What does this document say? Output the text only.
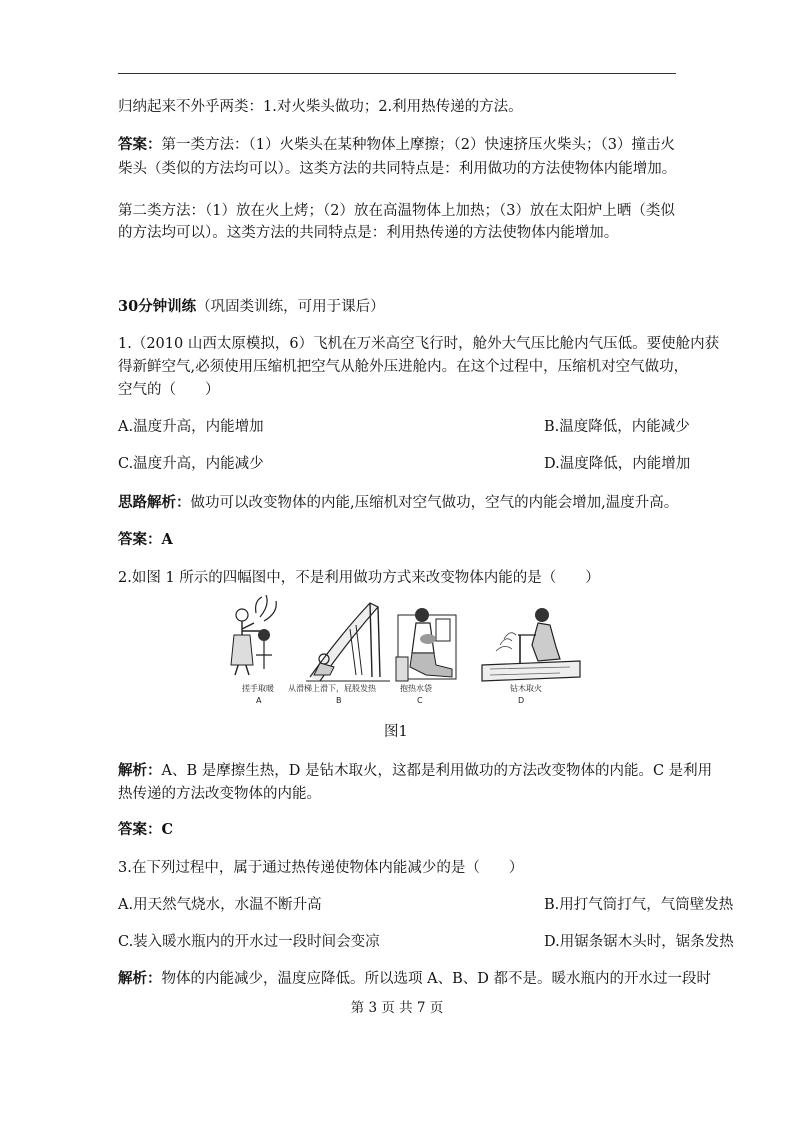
归纳起来不外乎两类：1.对火柴头做功；2.利用热传递的方法。
答案：第一类方法：（1）火柴头在某种物体上摩擦；（2）快速挤压火柴头；（3）撞击火
柴头（类似的方法均可以）。这类方法的共同特点是：利用做功的方法使物体内能增加。
第二类方法：（1）放在火上烤；（2）放在高温物体上加热；（3）放在太阳炉上晒（类似
的方法均可以）。这类方法的共同特点是：利用热传递的方法使物体内能增加。
30分钟训练（巩固类训练，可用于课后）
1.（2010 山西太原模拟，6）飞机在万米高空飞行时，舱外大气压比舱内气压低。要使舱内获
得新鲜空气,必须使用压缩机把空气从舱外压进舱内。在这个过程中，压缩机对空气做功，
空气的（　　）
A.温度升高，内能增加	B.温度降低，内能减少
C.温度升高，内能减少	D.温度降低，内能增加
思路解析：做功可以改变物体的内能,压缩机对空气做功，空气的内能会增加,温度升高。
答案：A
2.如图 1 所示的四幅图中，不是利用做功方式来改变物体内能的是（　　）
搓手取暖
A
从滑梯上滑下，屁股发热
B
抱热水袋
C
钻木取火
D
图1
解析：A、B 是摩擦生热，D 是钻木取火，这都是利用做功的方法改变物体的内能。C 是利用
热传递的方法改变物体的内能。
答案：C
3.在下列过程中，属于通过热传递使物体内能减少的是（　　）
A.用天然气烧水，水温不断升高	B.用打气筒打气，气筒壁发热
C.装入暖水瓶内的开水过一段时间会变凉	D.用锯条锯木头时，锯条发热
解析：物体的内能减少，温度应降低。所以选项 A、B、D 都不是。暖水瓶内的开水过一段时
第 3 页 共 7 页
